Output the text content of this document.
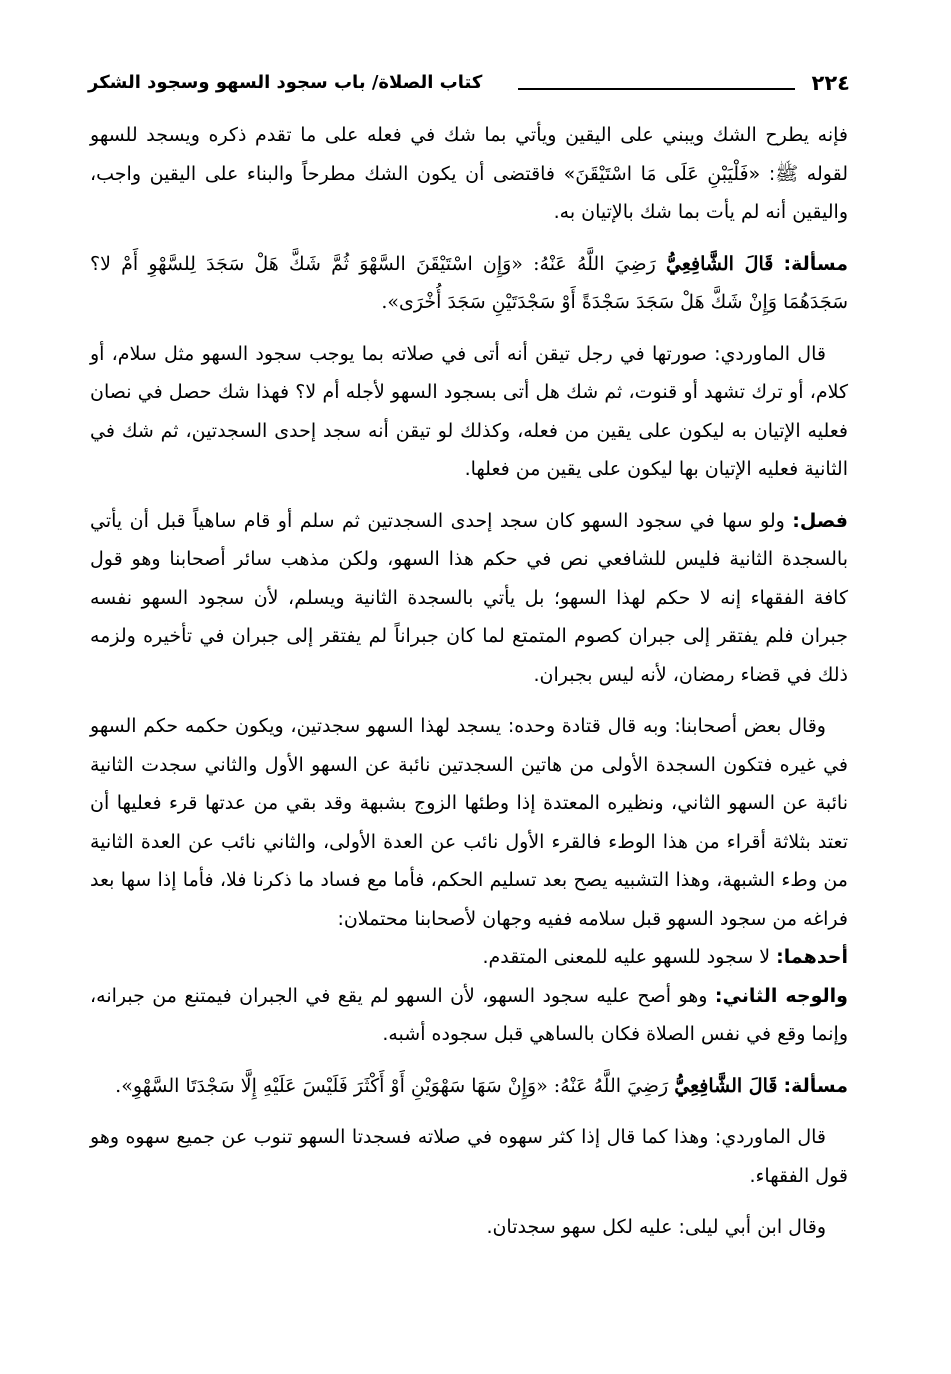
٢٢٤
كتاب الصلاة/ باب سجود السهو وسجود الشكر

فإنه يطرح الشك ويبني على اليقين ويأتي بما شك في فعله على ما تقدم ذكره ويسجد للسهو لقوله ﷺ: «فَلْيَبْنِ عَلَى مَا اسْتَيْقَنَ» فاقتضى أن يكون الشك مطرحاً والبناء على اليقين واجب، واليقين أنه لم يأت بما شك بالإتيان به.

مسألة: قَالَ الشَّافِعِيُّ رَضِيَ اللَّهُ عَنْهُ: «وَإِن اسْتَيْقَنَ السَّهْوَ ثُمَّ شَكَّ هَلْ سَجَدَ لِلسَّهْوِ أَمْ لا؟ سَجَدَهُمَا وَإِنْ شَكَّ هَلْ سَجَدَ سَجْدَةً أَوْ سَجْدَتَيْنِ سَجَدَ أُخْرَى».

قال الماوردي: صورتها في رجل تيقن أنه أتى في صلاته بما يوجب سجود السهو مثل سلام، أو كلام، أو ترك تشهد أو قنوت، ثم شك هل أتى بسجود السهو لأجله أم لا؟ فهذا شك حصل في نصان فعليه الإتيان به ليكون على يقين من فعله، وكذلك لو تيقن أنه سجد إحدى السجدتين، ثم شك في الثانية فعليه الإتيان بها ليكون على يقين من فعلها.

فصل: ولو سها في سجود السهو كان سجد إحدى السجدتين ثم سلم أو قام ساهياً قبل أن يأتي بالسجدة الثانية فليس للشافعي نص في حكم هذا السهو، ولكن مذهب سائر أصحابنا وهو قول كافة الفقهاء إنه لا حكم لهذا السهو؛ بل يأتي بالسجدة الثانية ويسلم، لأن سجود السهو نفسه جبران فلم يفتقر إلى جبران كصوم المتمتع لما كان جبراناً لم يفتقر إلى جبران في تأخيره ولزمه ذلك في قضاء رمضان، لأنه ليس بجبران.

وقال بعض أصحابنا: وبه قال قتادة وحده: يسجد لهذا السهو سجدتين، ويكون حكمه حكم السهو في غيره فتكون السجدة الأولى من هاتين السجدتين نائبة عن السهو الأول والثاني سجدت الثانية نائبة عن السهو الثاني، ونظيره المعتدة إذا وطئها الزوج بشبهة وقد بقي من عدتها قرء فعليها أن تعتد بثلاثة أقراء من هذا الوطء فالقرء الأول نائب عن العدة الأولى، والثاني نائب عن العدة الثانية من وطء الشبهة، وهذا التشبيه يصح بعد تسليم الحكم، فأما مع فساد ما ذكرنا فلا، فأما إذا سها بعد فراغه من سجود السهو قبل سلامه ففيه وجهان لأصحابنا محتملان:

أحدهما: لا سجود للسهو عليه للمعنى المتقدم.

والوجه الثاني: وهو أصح عليه سجود السهو، لأن السهو لم يقع في الجبران فيمتنع من جبرانه، وإنما وقع في نفس الصلاة فكان بالساهي قبل سجوده أشبه.

مسألة: قَالَ الشَّافِعِيُّ رَضِيَ اللَّهُ عَنْهُ: «وَإِنْ سَهَا سَهْوَيْنِ أَوْ أَكْثَرَ فَلَيْسَ عَلَيْهِ إِلَّا سَجْدَتَا السَّهْوِ».

قال الماوردي: وهذا كما قال إذا كثر سهوه في صلاته فسجدتا السهو تنوب عن جميع سهوه وهو قول الفقهاء.

وقال ابن أبي ليلى: عليه لكل سهو سجدتان.
